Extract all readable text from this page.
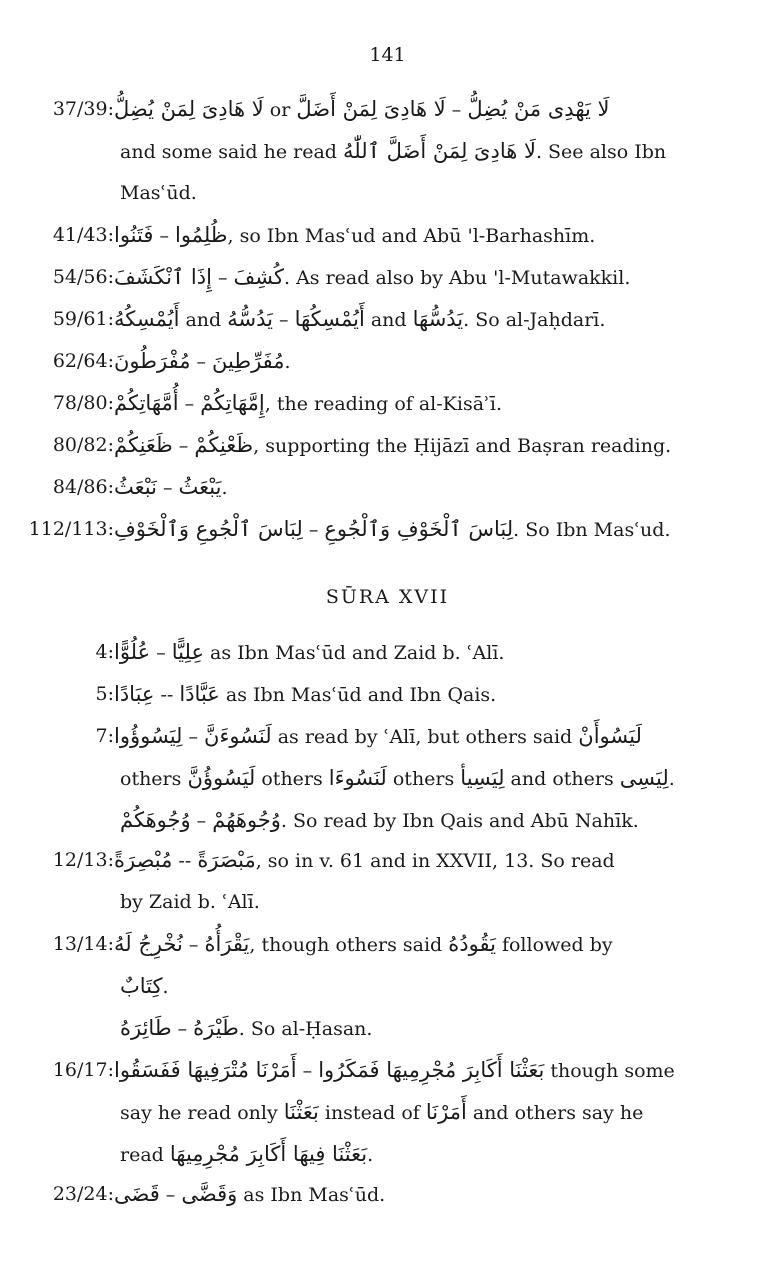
141
SŪRA XVII
37/39: لَا هَادِىَ لِمَنْ يُضِلُّ or لَا هَادِىَ لِمَنْ أَضَلَّ – لَا يَهْدِى مَنْ يُضِلُّ
and some said he read لَا هَادِىَ لِمَنْ أَضَلَّ ٱللّٰهُ. See also Ibn
Masʿūd.
41/43: فَتَنُوا – ظُلِمُوا, so Ibn Masʿud and Abū 'l-Barhashīm.
54/56: إِذَا ٱنْكَشَفَ – كُشِفَ. As read also by Abu 'l-Mutawakkil.
59/61: أَيُمْسِكُهُ and يَدُسُّهُ – أَيُمْسِكُهَا and يَدُسُّهَا. So al-Jaḥdarī.
62/64: مُفْرَطُونَ – مُفَرِّطِينَ.
78/80: أُمَّهَاتِكُمْ – إِمَّهَاتِكُمْ, the reading of al-Kisāʾī.
80/82: ظَعَنِكُمْ – ظَعْنِكُمْ, supporting the Ḥijāzī and Baṣran reading.
84/86: نَبْعَثُ – يَبْعَثُ.
112/113: لِبَاسَ ٱلْجُوعِ وَٱلْخَوْفِ – لِبَاسَ ٱلْخَوْفِ وَٱلْجُوعِ. So Ibn Masʿud.
4: عُلُوًّا – عِلِيًّا as Ibn Masʿūd and Zaid b. ʿAlī.
5: عِبَادًا -- عَبَّادًا as Ibn Masʿūd and Ibn Qais.
7: لِيَسُوؤُوا – لَنَسُوءَنَّ as read by ʿAlī, but others said لَيَسُوأَنْ
others لَيَسُوؤُنَّ others لَنَسُوءَا others لِيَسِيأ and others لِيَسِى.
وُجُوهَكُمْ – وُجُوهَهُمْ. So read by Ibn Qais and Abū Nahīk.
12/13: مُبْصِرَةً -- مَبْصَرَةً, so in v. 61 and in XXVII, 13. So read
by Zaid b. ʿAlī.
13/14: نُخْرِجُ لَهُ – يَقْرَأُهُ, though others said يَقُودُهُ followed by
كِتَابٌ.
طَائِرَهُ – طَيْرَهُ. So al-Ḥasan.
16/17: أَمَرْنَا مُتْرَفِيهَا فَفَسَقُوا – بَعَثْنَا أَكَابِرَ مُجْرِمِيهَا فَمَكَرُوا though some
say he read only بَعَثْنَا instead of أَمَرْنَا and others say he
read بَعَثْنَا فِيهَا أَكَابِرَ مُجْرِمِيهَا.
23/24: قَضَى – وَقَضَّى as Ibn Masʿūd.
